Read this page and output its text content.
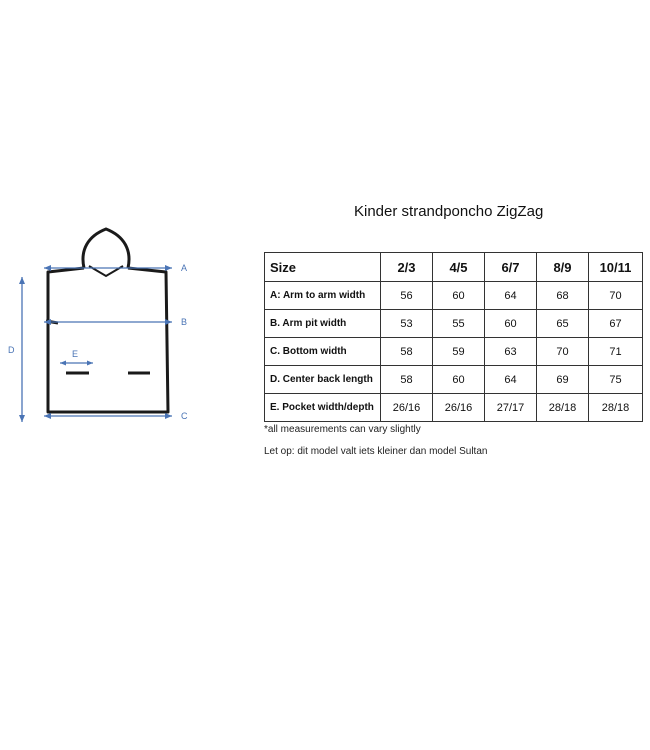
A
B
C
D	E
Kinder strandponcho ZigZag
Size	2/3	4/5	6/7	8/9	10/11
A: Arm to arm width	56	60	64	68	70
B. Arm pit width	53	55	60	65	67
C. Bottom width	58	59	63	70	71
D. Center back length	58	60	64	69	75
E. Pocket width/depth	26/16	26/16	27/17	28/18	28/18
*all measurements can vary slightly
Let op: dit model valt iets kleiner dan model Sultan
